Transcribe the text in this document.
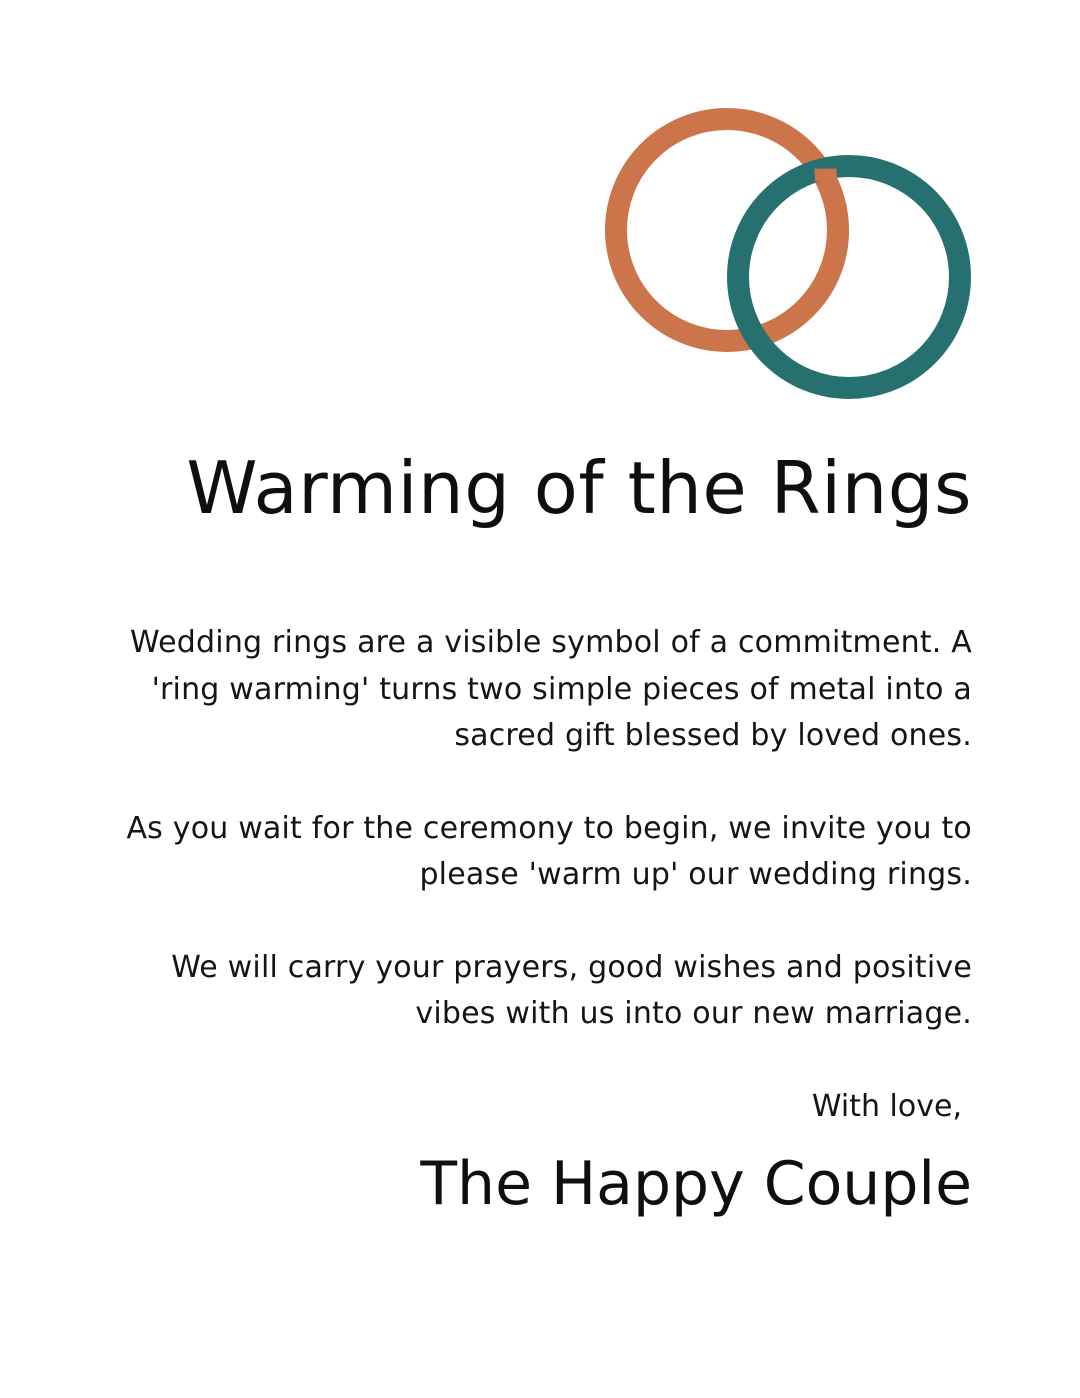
Warming of the Rings

Wedding rings are a visible symbol of a commitment. A 'ring warming' turns two simple pieces of metal into a sacred gift blessed by loved ones.

As you wait for the ceremony to begin, we invite you to please 'warm up' our wedding rings.

We will carry your prayers, good wishes and positive vibes with us into our new marriage.

With love,

The Happy Couple
